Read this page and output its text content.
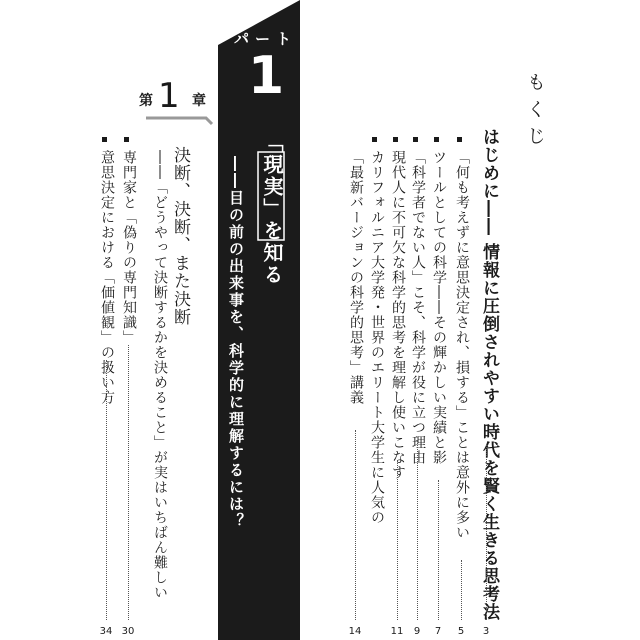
もくじ
はじめに―― 情報に圧倒されやすい時代を賢く生きる思考法
3
「何も考えずに意思決定され、損する」ことは意外に多い
5
ツールとしての科学――その輝かしい実績と影
7
「科学者でない人」こそ、科学が役に立つ理由
9
現代人に不可欠な科学的思考を理解し使いこなす
11
カリフォルニア大学発・世界のエリート大学生に人気の
「最新バージョンの科学的思考」講義
14
パート
1
「現実」を知る
――目の前の出来事を、科学的に理解するには？
第 1 章
決断、決断、また決断
――「どうやって決断するかを決めること」が実はいちばん難しい
専門家と「偽りの専門知識」
30
意思決定における「価値観」の扱い方
34
